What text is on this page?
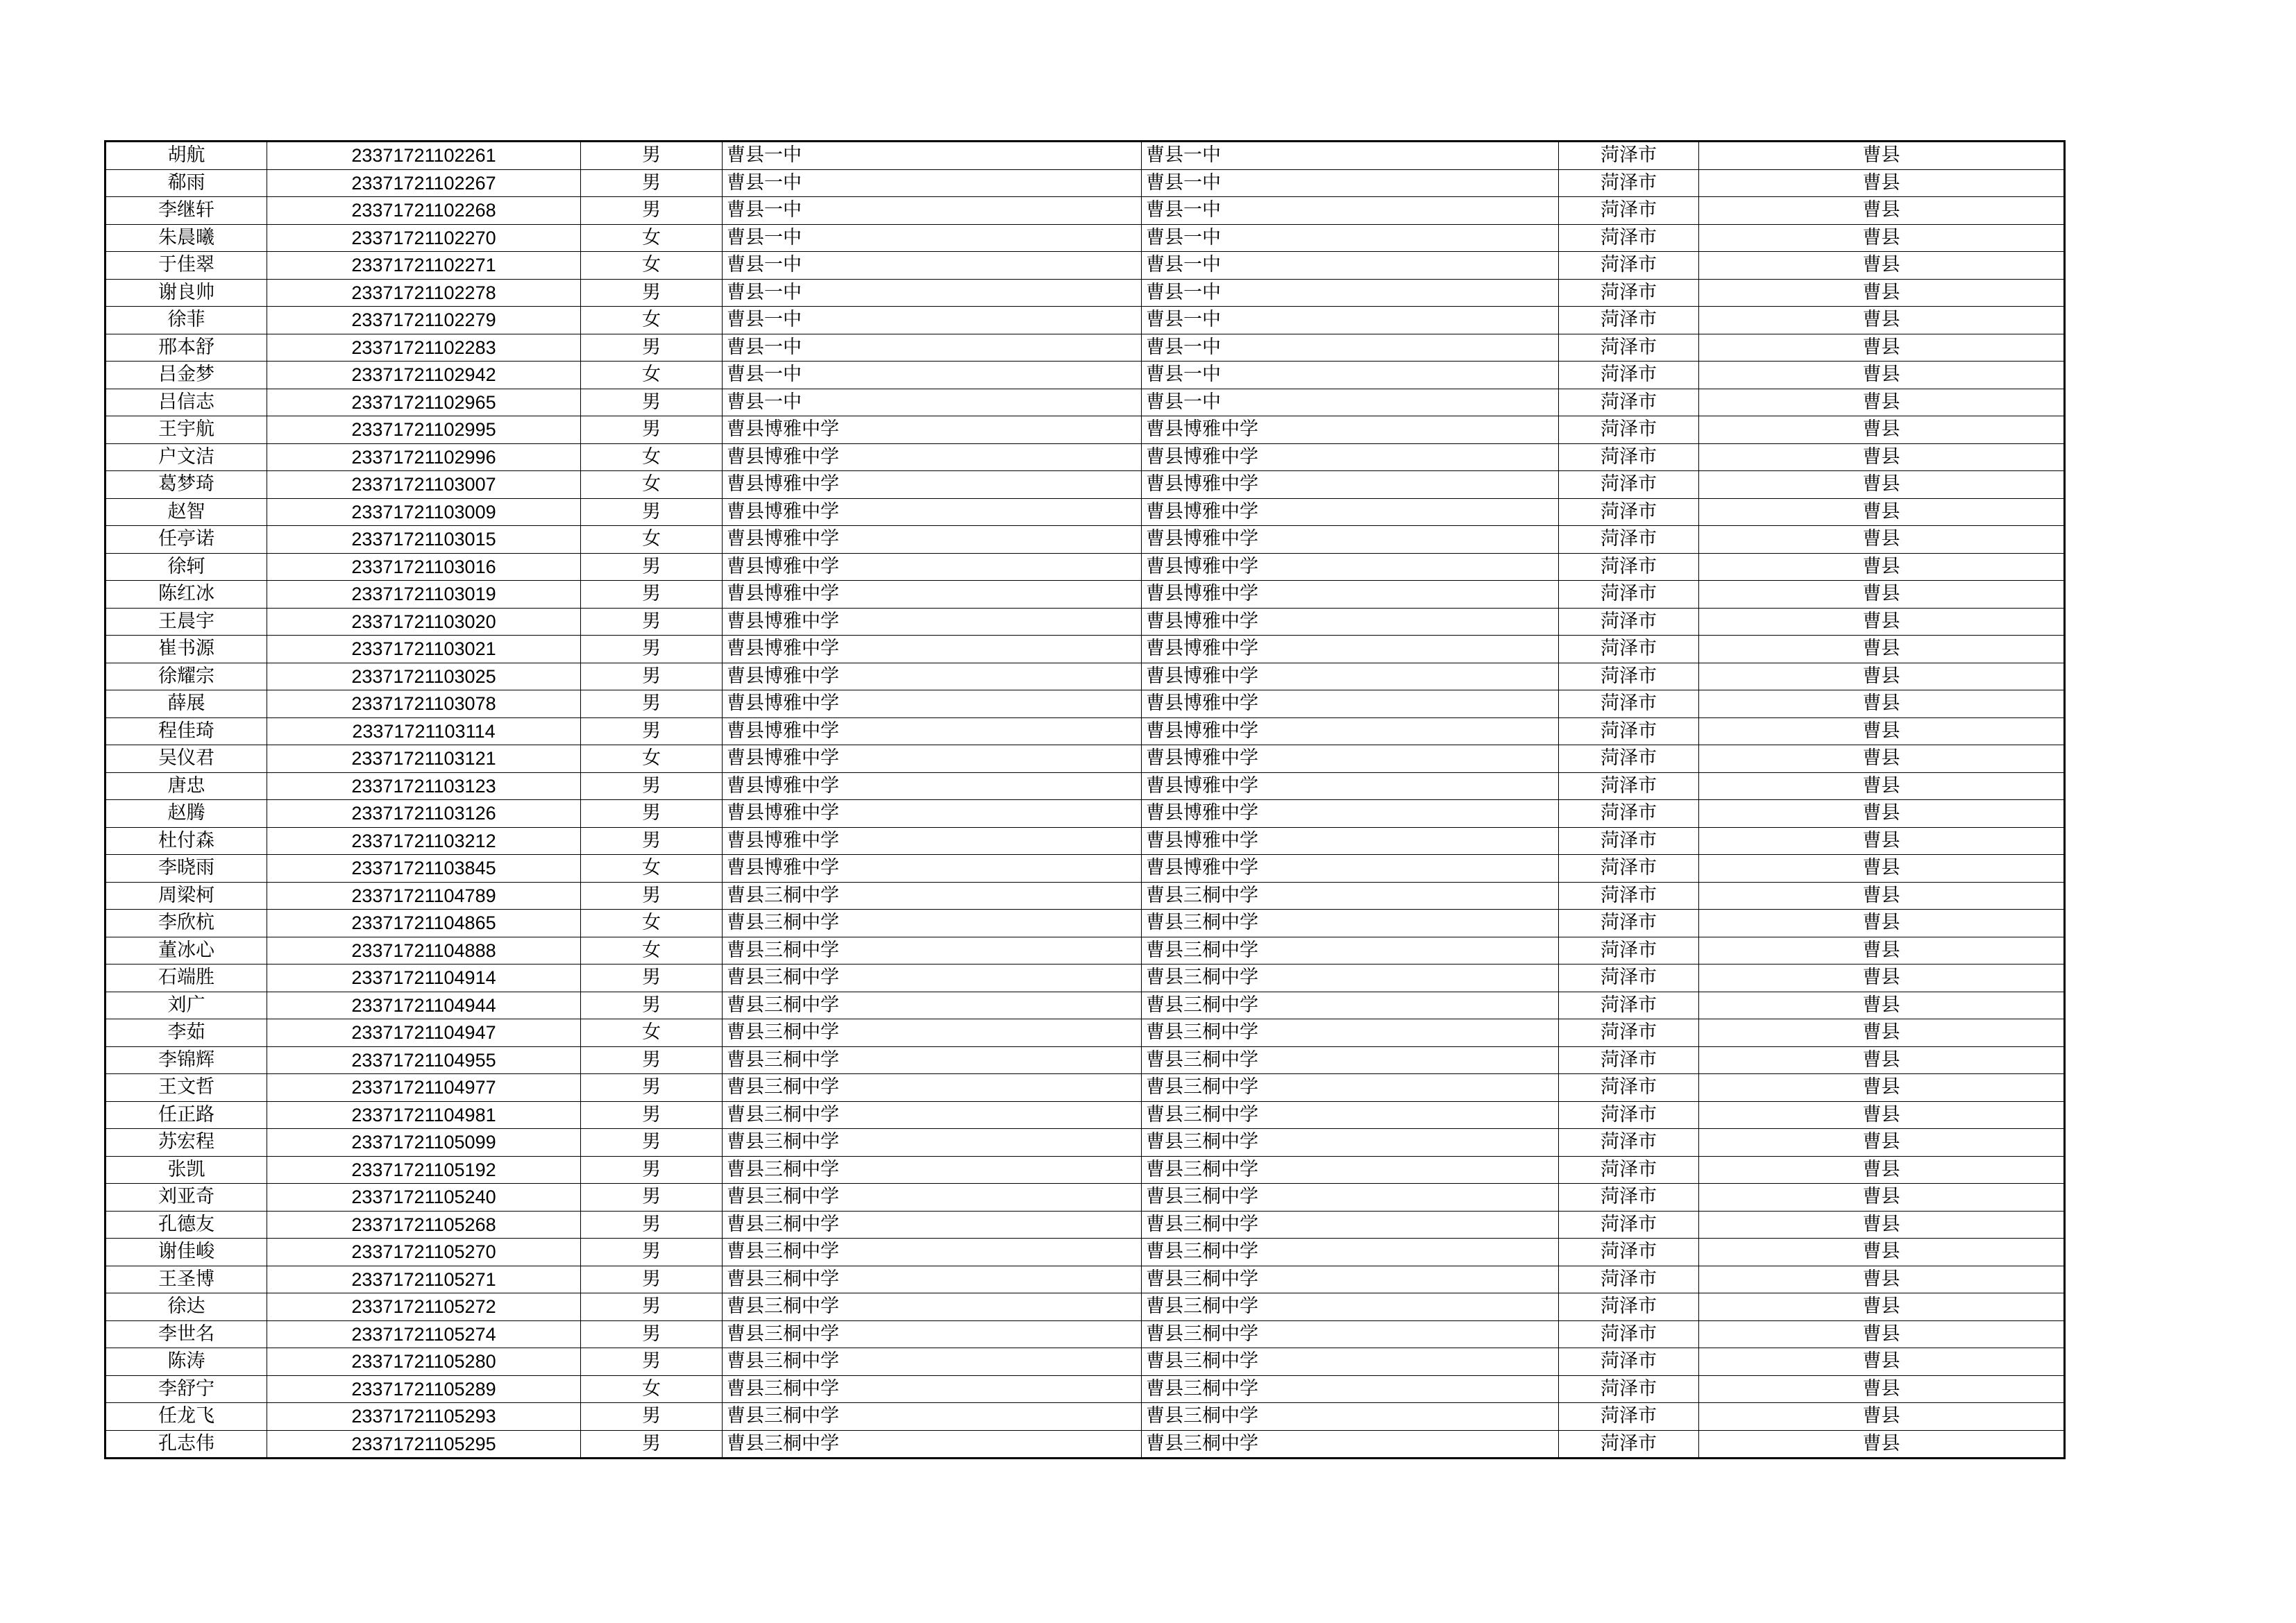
胡航	23371721102261	男	曹县一中	曹县一中	菏泽市	曹县
郗雨	23371721102267	男	曹县一中	曹县一中	菏泽市	曹县
李继轩	23371721102268	男	曹县一中	曹县一中	菏泽市	曹县
朱晨曦	23371721102270	女	曹县一中	曹县一中	菏泽市	曹县
于佳翠	23371721102271	女	曹县一中	曹县一中	菏泽市	曹县
谢良帅	23371721102278	男	曹县一中	曹县一中	菏泽市	曹县
徐菲	23371721102279	女	曹县一中	曹县一中	菏泽市	曹县
邢本舒	23371721102283	男	曹县一中	曹县一中	菏泽市	曹县
吕金梦	23371721102942	女	曹县一中	曹县一中	菏泽市	曹县
吕信志	23371721102965	男	曹县一中	曹县一中	菏泽市	曹县
王宇航	23371721102995	男	曹县博雅中学	曹县博雅中学	菏泽市	曹县
户文洁	23371721102996	女	曹县博雅中学	曹县博雅中学	菏泽市	曹县
葛梦琦	23371721103007	女	曹县博雅中学	曹县博雅中学	菏泽市	曹县
赵智	23371721103009	男	曹县博雅中学	曹县博雅中学	菏泽市	曹县
任亭诺	23371721103015	女	曹县博雅中学	曹县博雅中学	菏泽市	曹县
徐轲	23371721103016	男	曹县博雅中学	曹县博雅中学	菏泽市	曹县
陈红冰	23371721103019	男	曹县博雅中学	曹县博雅中学	菏泽市	曹县
王晨宇	23371721103020	男	曹县博雅中学	曹县博雅中学	菏泽市	曹县
崔书源	23371721103021	男	曹县博雅中学	曹县博雅中学	菏泽市	曹县
徐耀宗	23371721103025	男	曹县博雅中学	曹县博雅中学	菏泽市	曹县
薛展	23371721103078	男	曹县博雅中学	曹县博雅中学	菏泽市	曹县
程佳琦	23371721103114	男	曹县博雅中学	曹县博雅中学	菏泽市	曹县
吴仪君	23371721103121	女	曹县博雅中学	曹县博雅中学	菏泽市	曹县
唐忠	23371721103123	男	曹县博雅中学	曹县博雅中学	菏泽市	曹县
赵腾	23371721103126	男	曹县博雅中学	曹县博雅中学	菏泽市	曹县
杜付森	23371721103212	男	曹县博雅中学	曹县博雅中学	菏泽市	曹县
李晓雨	23371721103845	女	曹县博雅中学	曹县博雅中学	菏泽市	曹县
周梁柯	23371721104789	男	曹县三桐中学	曹县三桐中学	菏泽市	曹县
李欣杭	23371721104865	女	曹县三桐中学	曹县三桐中学	菏泽市	曹县
董冰心	23371721104888	女	曹县三桐中学	曹县三桐中学	菏泽市	曹县
石端胜	23371721104914	男	曹县三桐中学	曹县三桐中学	菏泽市	曹县
刘广	23371721104944	男	曹县三桐中学	曹县三桐中学	菏泽市	曹县
李茹	23371721104947	女	曹县三桐中学	曹县三桐中学	菏泽市	曹县
李锦辉	23371721104955	男	曹县三桐中学	曹县三桐中学	菏泽市	曹县
王文哲	23371721104977	男	曹县三桐中学	曹县三桐中学	菏泽市	曹县
任正路	23371721104981	男	曹县三桐中学	曹县三桐中学	菏泽市	曹县
苏宏程	23371721105099	男	曹县三桐中学	曹县三桐中学	菏泽市	曹县
张凯	23371721105192	男	曹县三桐中学	曹县三桐中学	菏泽市	曹县
刘亚奇	23371721105240	男	曹县三桐中学	曹县三桐中学	菏泽市	曹县
孔德友	23371721105268	男	曹县三桐中学	曹县三桐中学	菏泽市	曹县
谢佳峻	23371721105270	男	曹县三桐中学	曹县三桐中学	菏泽市	曹县
王圣博	23371721105271	男	曹县三桐中学	曹县三桐中学	菏泽市	曹县
徐达	23371721105272	男	曹县三桐中学	曹县三桐中学	菏泽市	曹县
李世名	23371721105274	男	曹县三桐中学	曹县三桐中学	菏泽市	曹县
陈涛	23371721105280	男	曹县三桐中学	曹县三桐中学	菏泽市	曹县
李舒宁	23371721105289	女	曹县三桐中学	曹县三桐中学	菏泽市	曹县
任龙飞	23371721105293	男	曹县三桐中学	曹县三桐中学	菏泽市	曹县
孔志伟	23371721105295	男	曹县三桐中学	曹县三桐中学	菏泽市	曹县
